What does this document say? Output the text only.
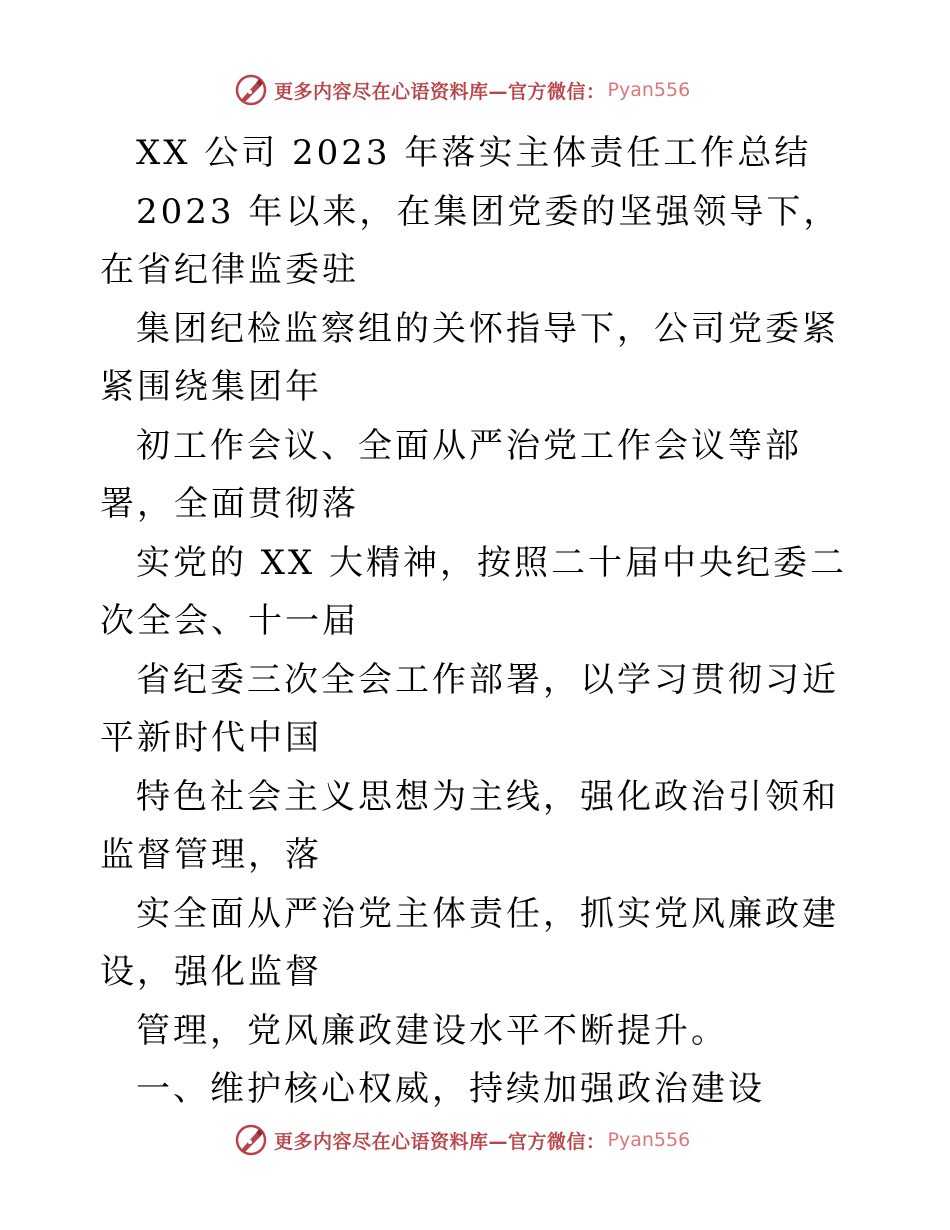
更多内容尽在心语资料库—官方微信： Pyan556

XX 公司 2023 年落实主体责任工作总结

2023 年以来，在集团党委的坚强领导下，在省纪律监委驻

集团纪检监察组的关怀指导下，公司党委紧紧围绕集团年

初工作会议、全面从严治党工作会议等部署，全面贯彻落

实党的 XX 大精神，按照二十届中央纪委二次全会、十一届

省纪委三次全会工作部署，以学习贯彻习近平新时代中国

特色社会主义思想为主线，强化政治引领和监督管理，落

实全面从严治党主体责任，抓实党风廉政建设，强化监督

管理，党风廉政建设水平不断提升。

一、维护核心权威，持续加强政治建设

更多内容尽在心语资料库—官方微信： Pyan556
